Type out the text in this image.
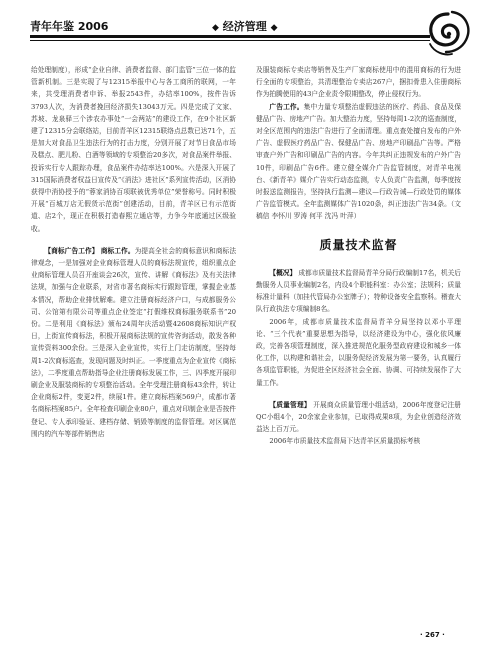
青年年鉴 2006	◆ 经济管理 ◆

给处理制度），形成“企业自律、消费者监督、部门监管”三位一体的监管新机制。三是实现了与12315举报中心与各工商所的联网，一年来，共受理消费者申诉、举报2543件，办结率100%，按件告诉3793人次，为消费者挽回经济损失13043万元。四是完成了文家、苏坡、龙泉驿三个涉农办事处“一会两站”的建设工作，在9个社区新建了12315分会联络站，目前青羊区12315联络点总数已达71个，五是加大对食品卫生违法行为的打击力度，分别开展了对节日食品市场及糕点、肥儿粉、白酒等领域的专项整治20多次，对食品案件举报、投诉实行专人跟踪办理，食品案件办结率达100%。六是深入开展了315国际消费者权益日宣传及“《消法》进社区”系列宣传活动，区消协获得中消协授予的“蓉家消协百项联被优秀单位”荣誉称号。同时积极开展“百城万店无假货示范街”创建活动，目前，青羊区已有示范街道、店2个，现正在积极打造春熙立通店等，力争今年底通过区级验收。

【商标广告工作】 商标工作。为提高全社会的商标意识和商标法律观念，一是加强对企业商标管理人员的商标法规宣传，组织重点企业商标管理人员召开座谈会26次，宣传、讲解《商标法》及有关法律法规，加强与企业联系，对省市著名商标实行跟踪管理，掌握企业基本情况，帮助企业排忧解难。建立注册商标经济户口，与成都服务公司、公馆第有限公司等重点企业签定“打假维权商标服务联系书”20份。二是利用《商标法》颁布24周年庆活动暨42608商标知识产权日，上街宣传商标法，积极开展商标法规的宣传咨询活动，散发各种宣传资料300余份。三是深入企业宣传，实行上门走访制度，坚持每周1-2次商标巡查，发现问题及时纠正。一季度重点为企业宣传《商标法》，二季度重点帮助指导企业注册商标发展工作，三、四季度开展印刷企业及服装商标的专项整治活动。全年受理注册商标43余件，转让企业商标2件，变更2件，续展1件。建立商标档案569户，成都市著名商标档案85户。全年检查印刷企业80户，重点对印制企业是否按件登记、专人承印验证、建档存储、销毁等制度的监督管理。对区属范围内的汽车等部件销售店

及服装商标专卖店等销售及生产厂家商标使用中的混用商标的行为进行全面的专项整治，共清理整治专卖店267户，捆扣骨患入住册商标作为拍腾使用的43户企业责令限期整改，停止侵权行为。

广告工作。集中力量专项整治虚假违法的医疗、药品、食品及保健品广告、房地产广告。加大整治力度，坚持每周1-2次的巡查制度，对全区范围内的违法广告进行了全面清理。重点查处擅自发布的户外广告、虚假医疗药品广告、保健品广告、房地产印刷品广告等。严格审查户外广告和印刷品广告的内容。今年共纠正违规发布的户外广告10件，印刷品广告6件。建立健全媒介广告监管制度，对青羊电视台、《新青羊》媒介广告实行动态监测，专人负责广告监测，每季度按时报送监测报告，坚持执行监测—建议—行政告诫—行政处罚的媒体广告监管模式。全年监测媒体广告1020条，纠正违法广告34条。（文稿信 李怀川 罗涛 何平 沈冯 叶萍）

质量技术监督

【概况】 成都市质量技术监督局青羊分局行政编制17名，机关后勤服务人员事业编制2名，内设4个职能科室：办公室；法规科；质量标准计量科（加挂代管局办公室牌子）；特种设备安全监察科。稽查大队行政执法专项编制8名。

2006年，成都市质量技术监督局青羊分局坚持以邓小平理论、“三个代表”重要思想为指导，以经济建设为中心，强化依风廉政，完善各项管理制度，深入推进规范化服务型政府建设和城乡一体化工作，以构建和谐社会，以服务促经济发展为第一要务，认真履行各项监管职能，为促进全区经济社会全面、协调、可持续发展作了大量工作。

【质量管理】 开展商众质量管理小组活动，2006年度登记注册QC小组4个，20余家企业参加，已取得成果8项，为企业创造经济效益达上百万元。

2006年市质量技术监督局下达青羊区质量损标考核

· 267 ·
